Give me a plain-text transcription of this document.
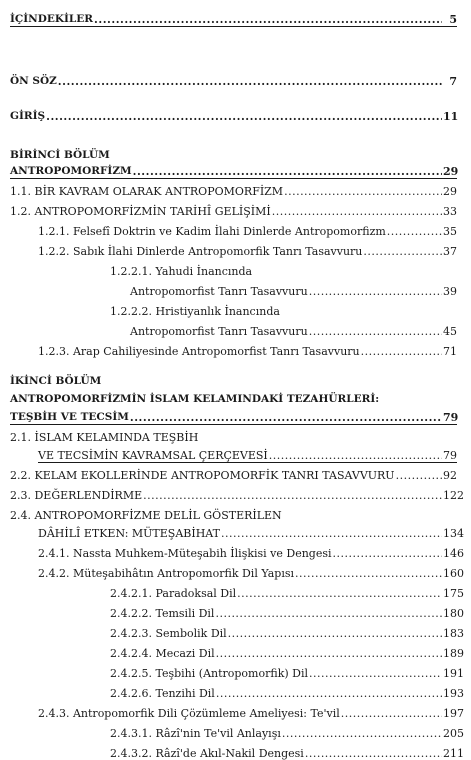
İÇİNDEKİLER .....	5
ÖN SÖZ .....	7
GİRİŞ .....	11
BİRİNCİ BÖLÜM
ANTROPOMORFİZM .....	29
1.1. BİR KAVRAM OLARAK ANTROPOMORFİZM .....	29
1.2. ANTROPOMORFİZMİN TARİHÎ GELİŞİMİ .....	33
1.2.1. Felsefî Doktrin ve Kadim İlahi Dinlerde Antropomorfizm .....	35
1.2.2. Sabık İlahi Dinlerde Antropomorfik Tanrı Tasavvuru .....	37
1.2.2.1. Yahudi İnancında
Antropomorfist Tanrı Tasavvuru .....	39
1.2.2.2. Hristiyanlık İnancında
Antropomorfist Tanrı Tasavvuru .....	45
1.2.3. Arap Cahiliyesinde Antropomorfist Tanrı Tasavvuru .....	71
İKİNCİ BÖLÜM
ANTROPOMORFİZMİN İSLAM KELAMINDAKİ TEZAHÜRLERİ:
TEŞBİH VE TECSİM .....	79
2.1. İSLAM KELAMINDA TEŞBİH
VE TECSİMİN KAVRAMSAL ÇERÇEVESİ .....	79
2.2. KELAM EKOLLERİNDE ANTROPOMORFİK TANRI TASAVVURU .....	92
2.3. DEĞERLENDİRME .....	122
2.4. ANTROPOMORFİZME DELİL GÖSTERİLEN
DÂHİLÎ ETKEN: MÜTEŞABİHAT .....	134
2.4.1. Nassta Muhkem-Müteşabih İlişkisi ve Dengesi .....	146
2.4.2. Müteşabihâtın Antropomorfik Dil Yapısı .....	160
2.4.2.1. Paradoksal Dil .....	175
2.4.2.2. Temsili Dil .....	180
2.4.2.3. Sembolik Dil .....	183
2.4.2.4. Mecazi Dil .....	189
2.4.2.5. Teşbihi (Antropomorfik) Dil .....	191
2.4.2.6. Tenzihi Dil .....	193
2.4.3. Antropomorfik Dili Çözümleme Ameliyesi: Te'vil .....	197
2.4.3.1. Râzî'nin Te'vil Anlayışı .....	205
2.4.3.2. Râzî'de Akıl-Nakil Dengesi .....	211
